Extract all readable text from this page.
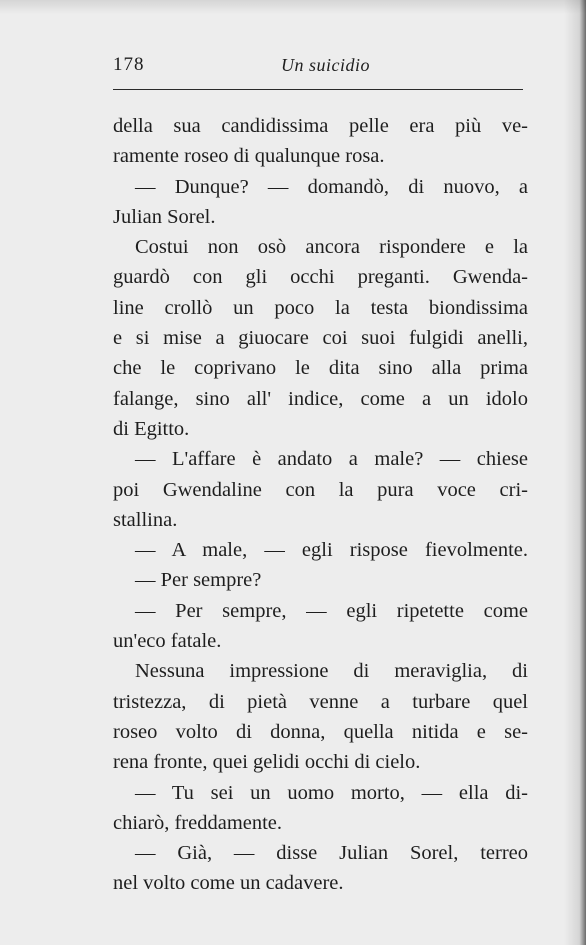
178	Un suicidio
della sua candidissima pelle era più ve-
ramente roseo di qualunque rosa.
— Dunque? — domandò, di nuovo, a
Julian Sorel.
Costui non osò ancora rispondere e la
guardò con gli occhi preganti. Gwenda-
line crollò un poco la testa biondissima
e si mise a giuocare coi suoi fulgidi anelli,
che le coprivano le dita sino alla prima
falange, sino all' indice, come a un idolo
di Egitto.
— L'affare è andato a male? — chiese
poi Gwendaline con la pura voce cri-
stallina.
— A male, — egli rispose fievolmente.
— Per sempre?
— Per sempre, — egli ripetette come
un'eco fatale.
Nessuna impressione di meraviglia, di
tristezza, di pietà venne a turbare quel
roseo volto di donna, quella nitida e se-
rena fronte, quei gelidi occhi di cielo.
— Tu sei un uomo morto, — ella di-
chiarò, freddamente.
— Già, — disse Julian Sorel, terreo
nel volto come un cadavere.
